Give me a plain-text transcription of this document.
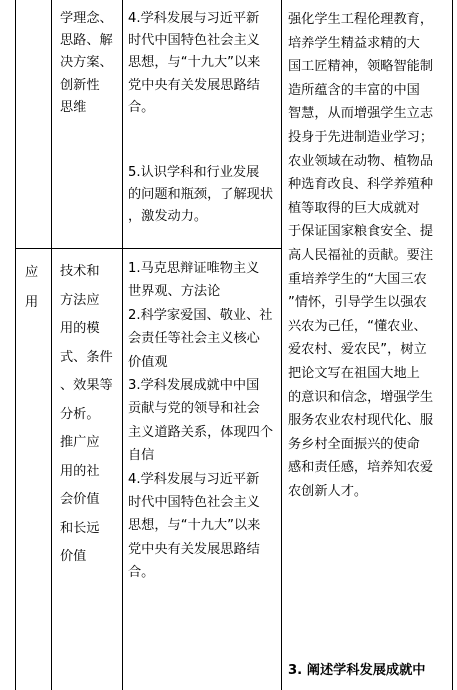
学理念、

思路、解

决方案、

创新性

思维

4.学科发展与习近平新

时代中国特色社会主义

思想，与“十九大”以来

党中央有关发展思路结

合。

5.认识学科和行业发展

的问题和瓶颈，了解现状

，激发动力。

应

用

技术和

方法应

用的模

式、条件

、效果等

分析。

推广应

用的社

会价值

和长远

价值

1.马克思辩证唯物主义

世界观、方法论

2.科学家爱国、敬业、社

会责任等社会主义核心

价值观

3.学科发展成就中中国

贡献与党的领导和社会

主义道路关系，体现四个

自信

4.学科发展与习近平新

时代中国特色社会主义

思想，与“十九大”以来

党中央有关发展思路结

合。

强化学生工程伦理教育，

培养学生精益求精的大

国工匠精神，领略智能制

造所蕴含的丰富的中国

智慧，从而增强学生立志

投身于先进制造业学习；

农业领域在动物、植物品

种选育改良、科学养殖种

植等取得的巨大成就对

于保证国家粮食安全、提

高人民福祉的贡献。要注

重培养学生的“大国三农

”情怀，引导学生以强农

兴农为己任，“懂农业、

爱农村、爱农民”，树立

把论文写在祖国大地上

的意识和信念，增强学生

服务农业农村现代化、服

务乡村全面振兴的使命

感和责任感，培养知农爱

农创新人才。

3. 阐述学科发展成就中
